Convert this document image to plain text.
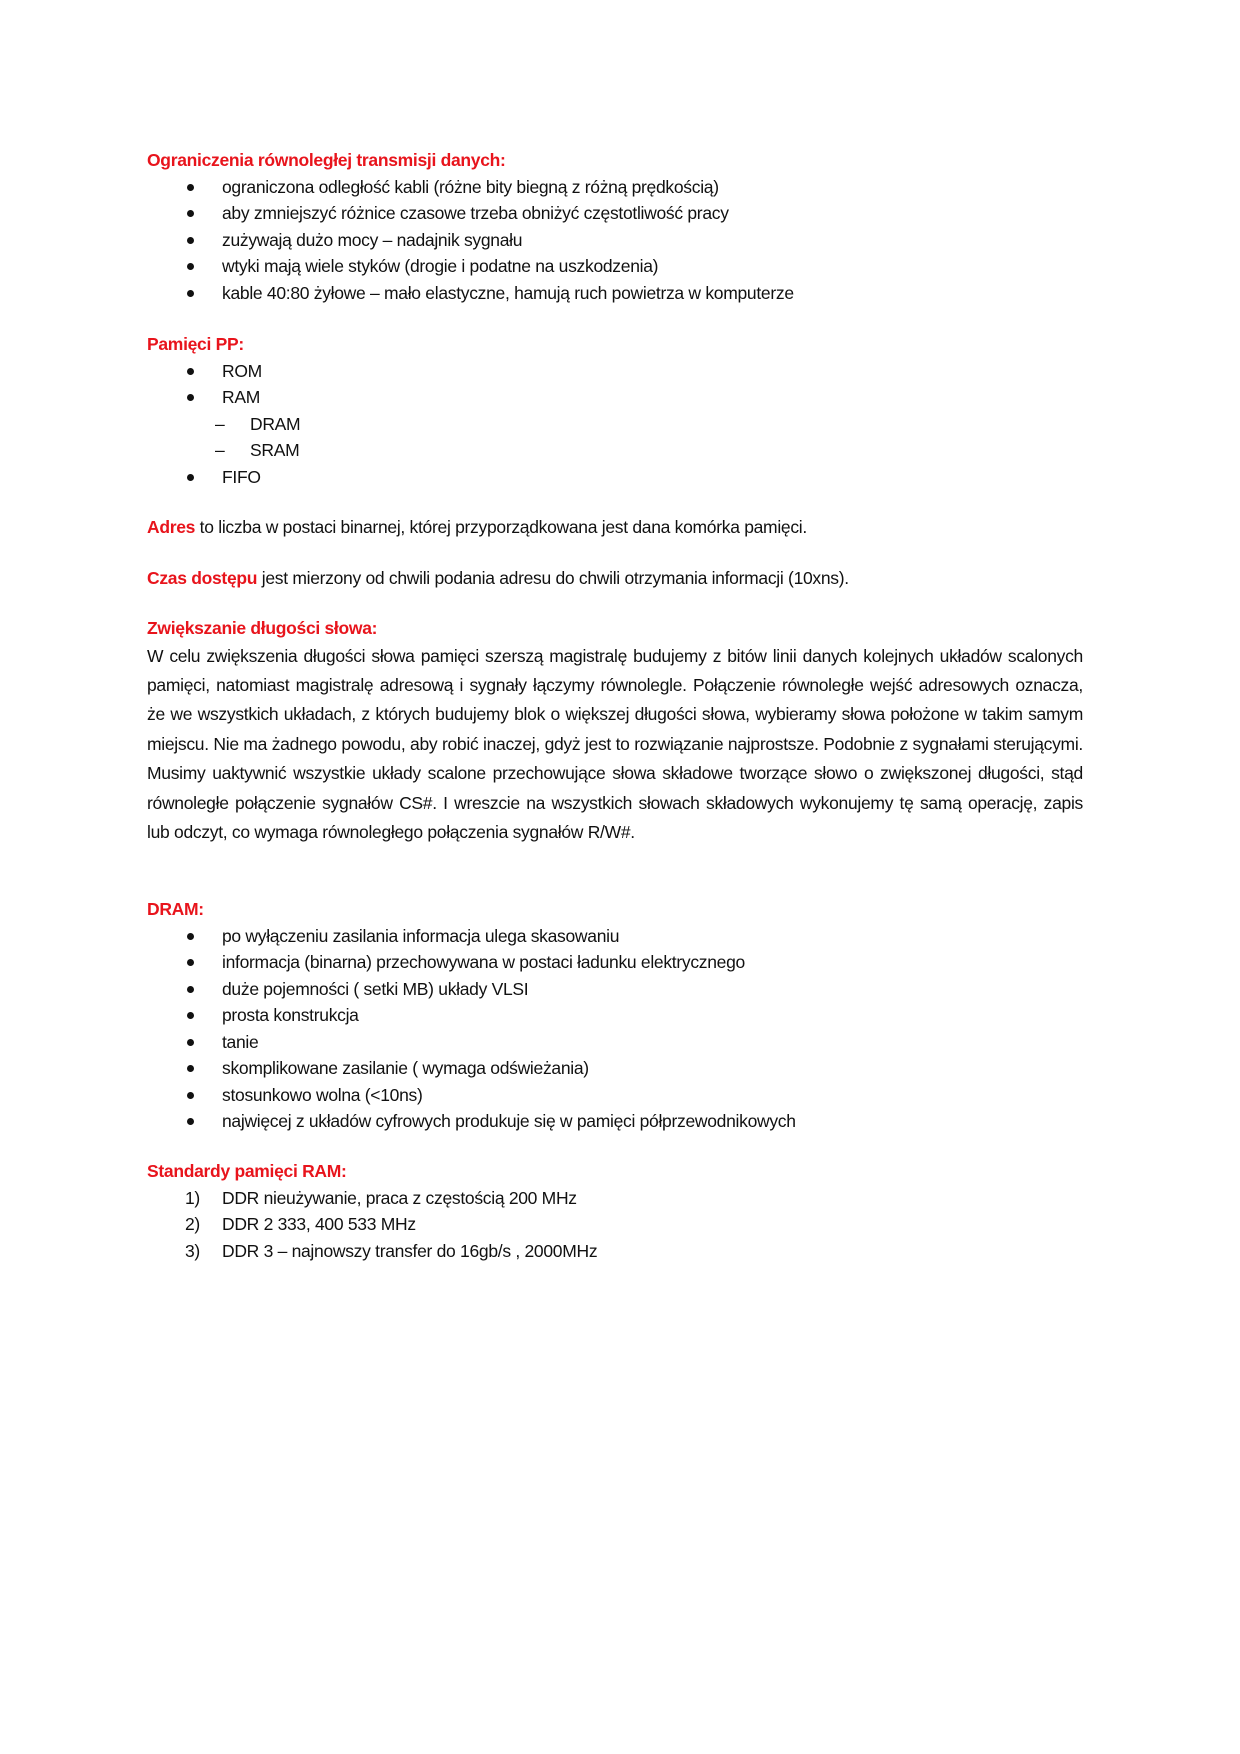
Ograniczenia równoległej transmisji danych:
ograniczona odległość kabli (różne bity biegną z różną prędkością)
aby zmniejszyć różnice czasowe trzeba obniżyć częstotliwość pracy
zużywają dużo mocy – nadajnik sygnału
wtyki mają wiele styków (drogie i podatne na uszkodzenia)
kable 40:80 żyłowe – mało elastyczne, hamują ruch powietrza w komputerze
Pamięci PP:
ROM
RAM
– DRAM
– SRAM
FIFO
Adres to liczba w postaci binarnej, której przyporządkowana jest dana komórka pamięci.
Czas dostępu jest mierzony od chwili podania adresu do chwili otrzymania informacji (10xns).
Zwiększanie długości słowa:
W celu zwiększenia długości słowa pamięci szerszą magistralę budujemy z bitów linii danych kolejnych układów scalonych pamięci, natomiast magistralę adresową i sygnały łączymy równolegle. Połączenie równoległe wejść adresowych oznacza, że we wszystkich układach, z których budujemy blok o większej długości słowa, wybieramy słowa położone w takim samym miejscu. Nie ma żadnego powodu, aby robić inaczej, gdyż jest to rozwiązanie najprostsze. Podobnie z sygnałami sterującymi. Musimy uaktywnić wszystkie układy scalone przechowujące słowa składowe tworzące słowo o zwiększonej długości, stąd równoległe połączenie sygnałów CS#. I wreszcie na wszystkich słowach składowych wykonujemy tę samą operację, zapis lub odczyt, co wymaga równoległego połączenia sygnałów R/W#.
DRAM:
po wyłączeniu zasilania informacja ulega skasowaniu
informacja (binarna) przechowywana w postaci ładunku elektrycznego
duże pojemności ( setki MB) układy VLSI
prosta konstrukcja
tanie
skomplikowane zasilanie ( wymaga odświeżania)
stosunkowo wolna (<10ns)
najwięcej z układów cyfrowych produkuje się w pamięci półprzewodnikowych
Standardy pamięci RAM:
1) DDR nieużywanie, praca z częstością 200 MHz
2) DDR 2 333, 400 533 MHz
3) DDR 3 – najnowszy transfer do 16gb/s , 2000MHz
